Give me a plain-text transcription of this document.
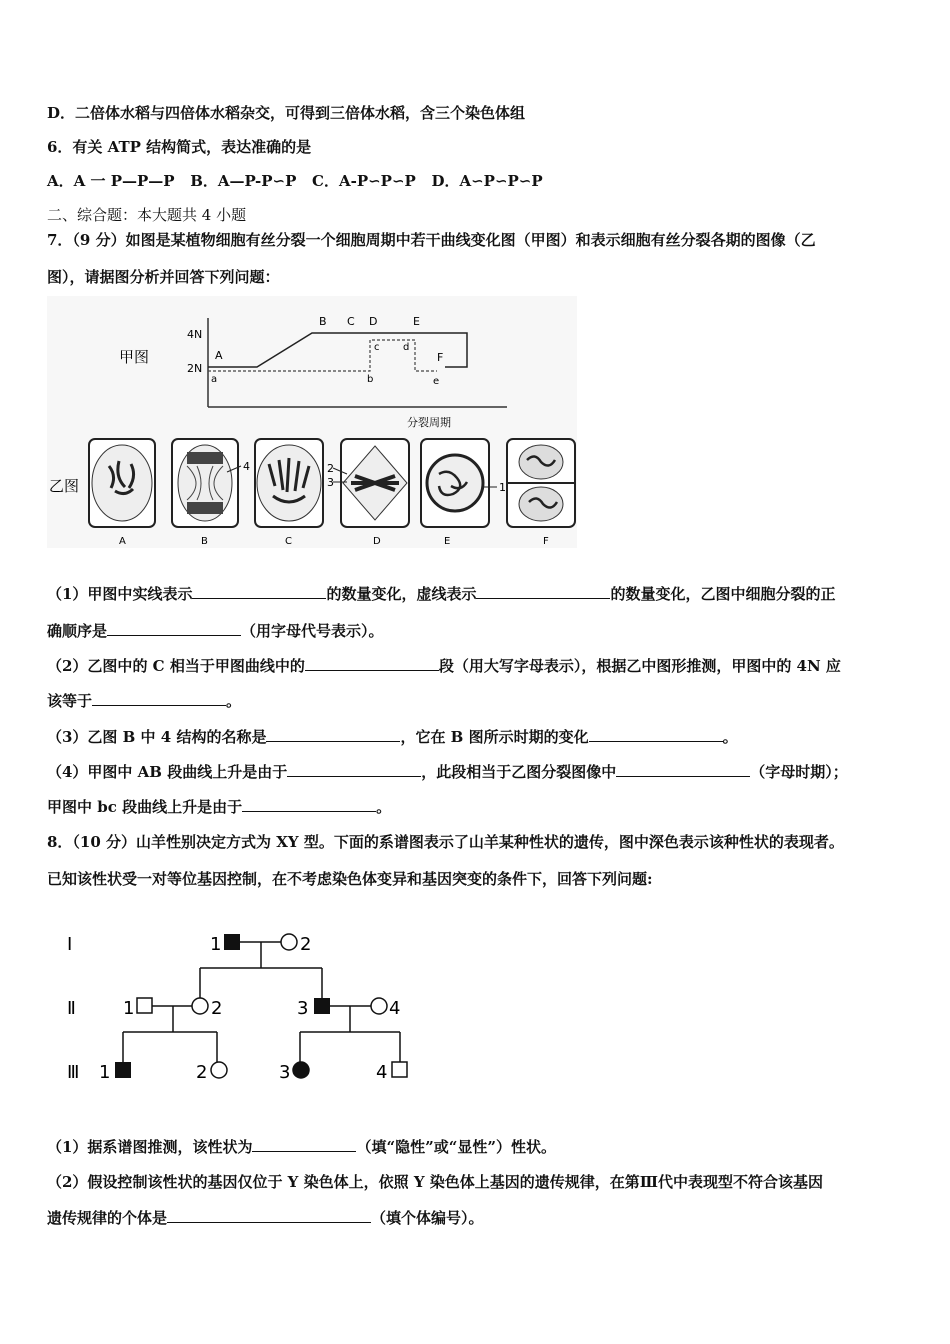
D．二倍体水稻与四倍体水稻杂交，可得到三倍体水稻，含三个染色体组
6．有关 ATP 结构简式，表达准确的是
A．A 一 P—P—P   B．A—P-P∽P   C．A-P∽P∽P   D．A∽P∽P∽P
二、综合题：本大题共 4 小题
7．（9 分）如图是某植物细胞有丝分裂一个细胞周期中若干曲线变化图（甲图）和表示细胞有丝分裂各期的图像（乙
图），请据图分析并回答下列问题：
甲图
4N
2N
分裂周期
A
B C D	E
F
a	b
c d
e
乙图
4	2
3	1
A	B	C	D	E	F
（1）甲图中实线表示	的数量变化，虚线表示	的数量变化，乙图中细胞分裂的正
确顺序是	（用字母代号表示）。
（2）乙图中的 C 相当于甲图曲线中的	段（用大写字母表示），根据乙中图形推测，甲图中的 4N 应
该等于	。
（3）乙图 B 中 4 结构的名称是	，它在 B 图所示时期的变化	。
（4）甲图中 AB 段曲线上升是由于	，此段相当于乙图分裂图像中	（字母时期）；
甲图中 bc 段曲线上升是由于	。
8．（10 分）山羊性别决定方式为 XY 型。下面的系谱图表示了山羊某种性状的遗传，图中深色表示该种性状的表现者。
已知该性状受一对等位基因控制，在不考虑染色体变异和基因突变的条件下，回答下列问题:
Ⅰ
Ⅱ
Ⅲ
1	2
1	2	3	4
1	2	3	4
（1）据系谱图推测，该性状为	（填“隐性”或“显性”）性状。
（2）假设控制该性状的基因仅位于 Y 染色体上，依照 Y 染色体上基因的遗传规律，在第Ⅲ代中表现型不符合该基因
遗传规律的个体是	（填个体编号）。
